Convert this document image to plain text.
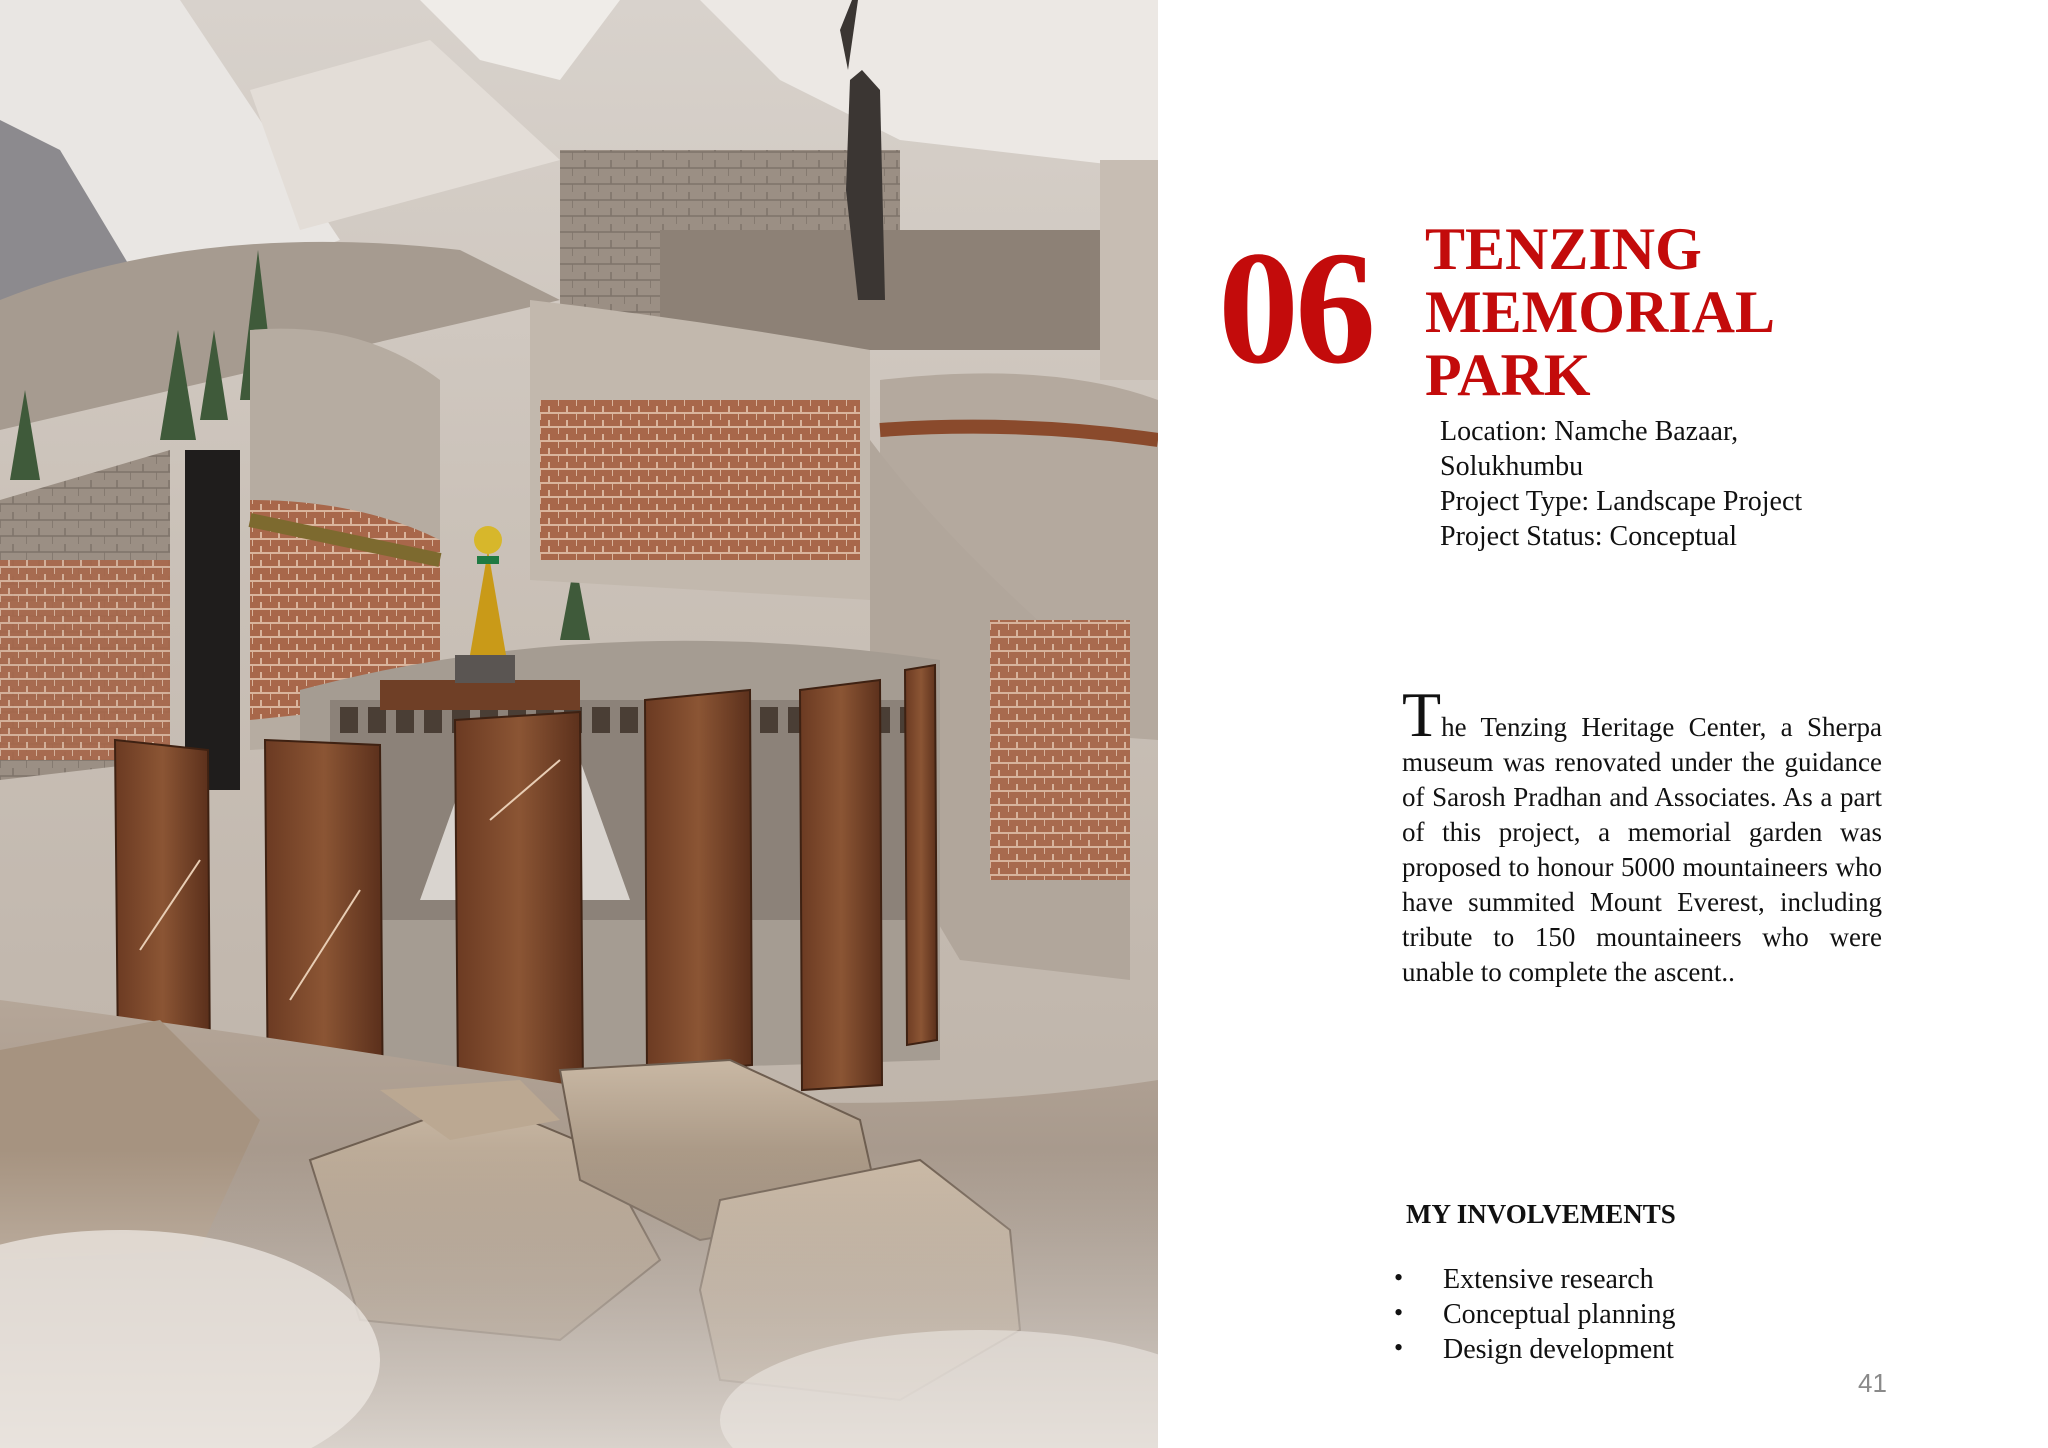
06 TENZING
MEMORIAL
PARK
Location: Namche Bazaar,
Solukhumbu
Project Type: Landscape Project
Project Status: Conceptual
The Tenzing Heritage Center, a Sherpa museum was renovated under the guidance of Sarosh Pradhan and Associates. As a part of this project, a memorial garden was proposed to honour 5000 mountaineers who have summited Mount Everest, including tribute to 150 mountaineers who were unable to complete the ascent..
MY INVOLVEMENTS
• Extensive research
• Conceptual planning
• Design development
41
